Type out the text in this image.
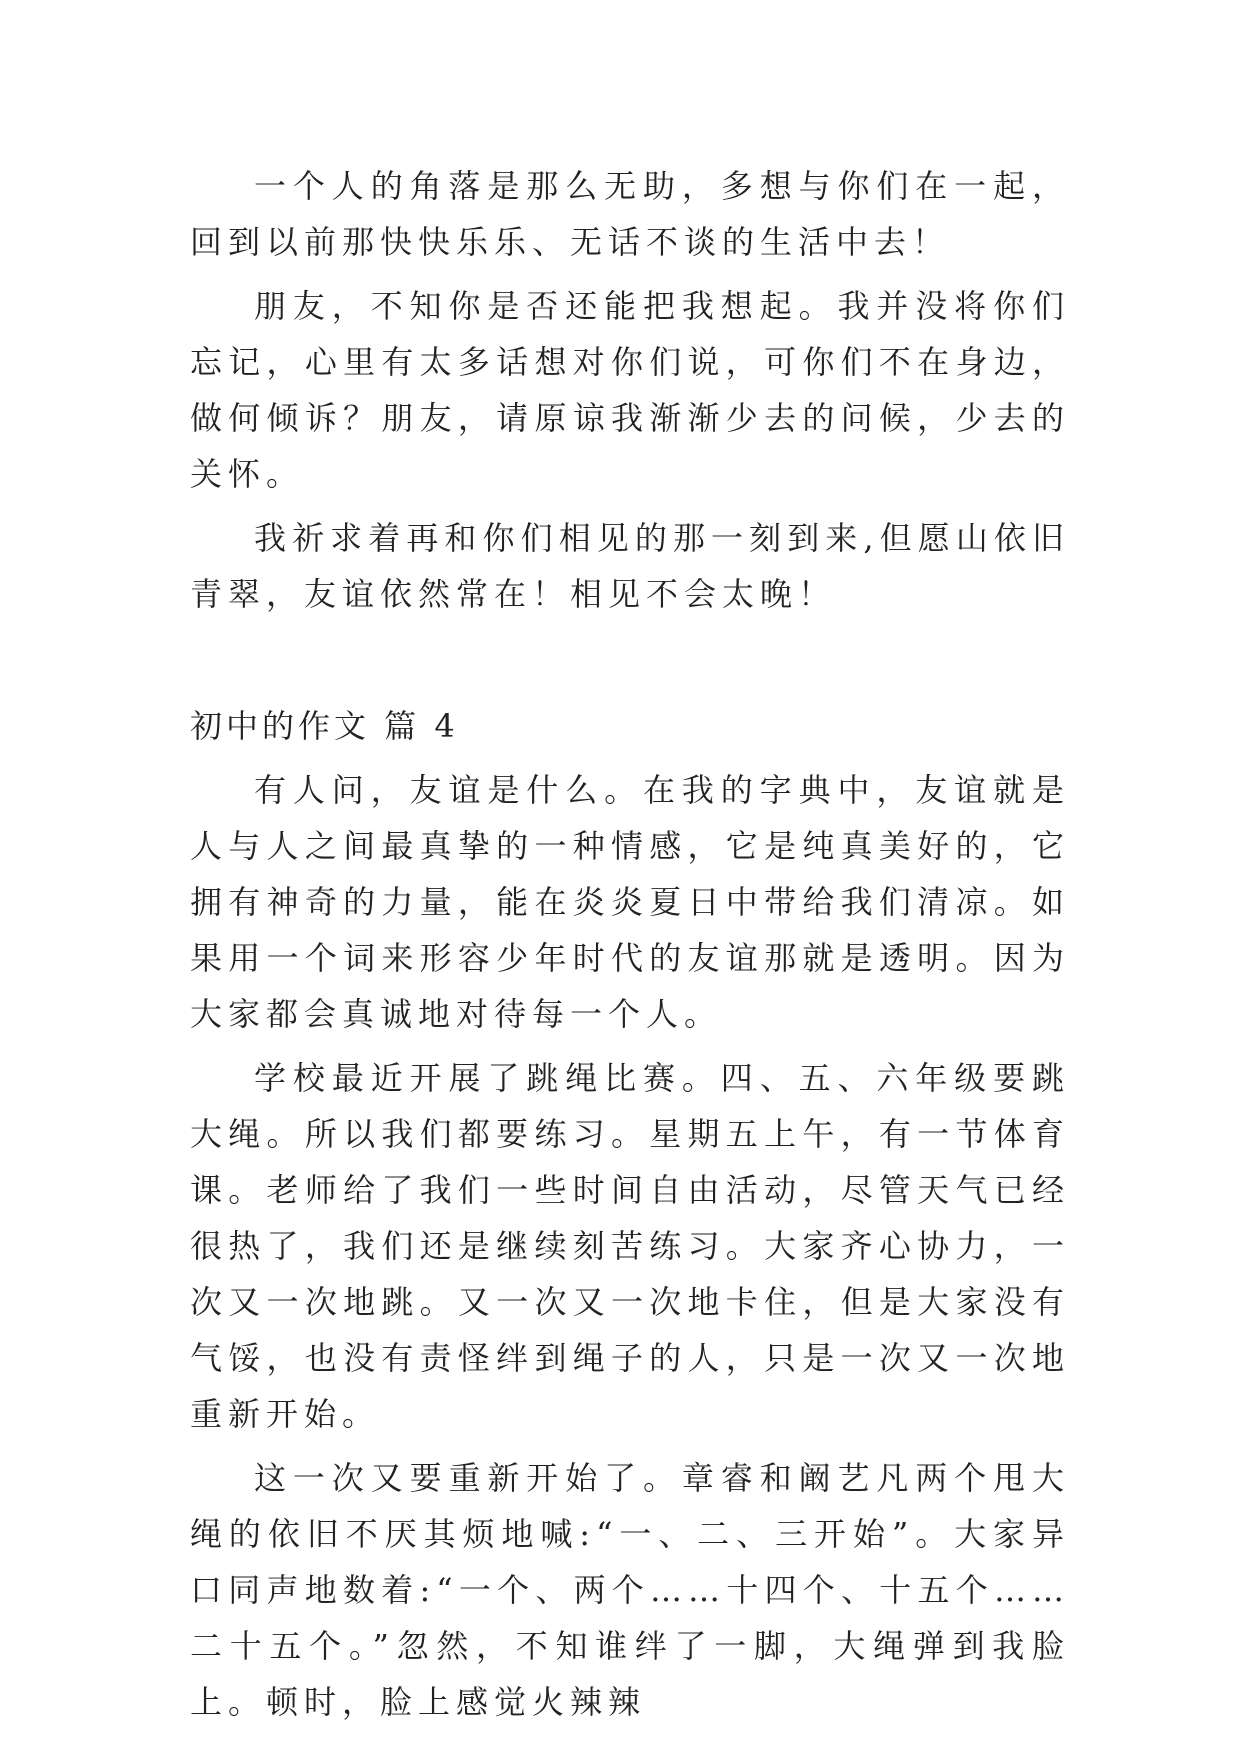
一个人的角落是那么无助，多想与你们在一起，回到以前那快快乐乐、无话不谈的生活中去！

朋友，不知你是否还能把我想起。我并没将你们忘记，心里有太多话想对你们说，可你们不在身边，做何倾诉？朋友，请原谅我渐渐少去的问候，少去的关怀。

我祈求着再和你们相见的那一刻到来,但愿山依旧青翠，友谊依然常在！相见不会太晚！

初中的作文 篇 4

有人问，友谊是什么。在我的字典中，友谊就是人与人之间最真挚的一种情感，它是纯真美好的，它拥有神奇的力量，能在炎炎夏日中带给我们清凉。如果用一个词来形容少年时代的友谊那就是透明。因为大家都会真诚地对待每一个人。

学校最近开展了跳绳比赛。四、五、六年级要跳大绳。所以我们都要练习。星期五上午，有一节体育课。老师给了我们一些时间自由活动，尽管天气已经很热了，我们还是继续刻苦练习。大家齐心协力，一次又一次地跳。又一次又一次地卡住，但是大家没有气馁，也没有责怪绊到绳子的人，只是一次又一次地重新开始。

这一次又要重新开始了。章睿和阚艺凡两个甩大绳的依旧不厌其烦地喊:“一、二、三开始”。大家异口同声地数着:“一个、两个……十四个、十五个……二十五个。”忽然，不知谁绊了一脚，大绳弹到我脸上。顿时，脸上感觉火辣辣
